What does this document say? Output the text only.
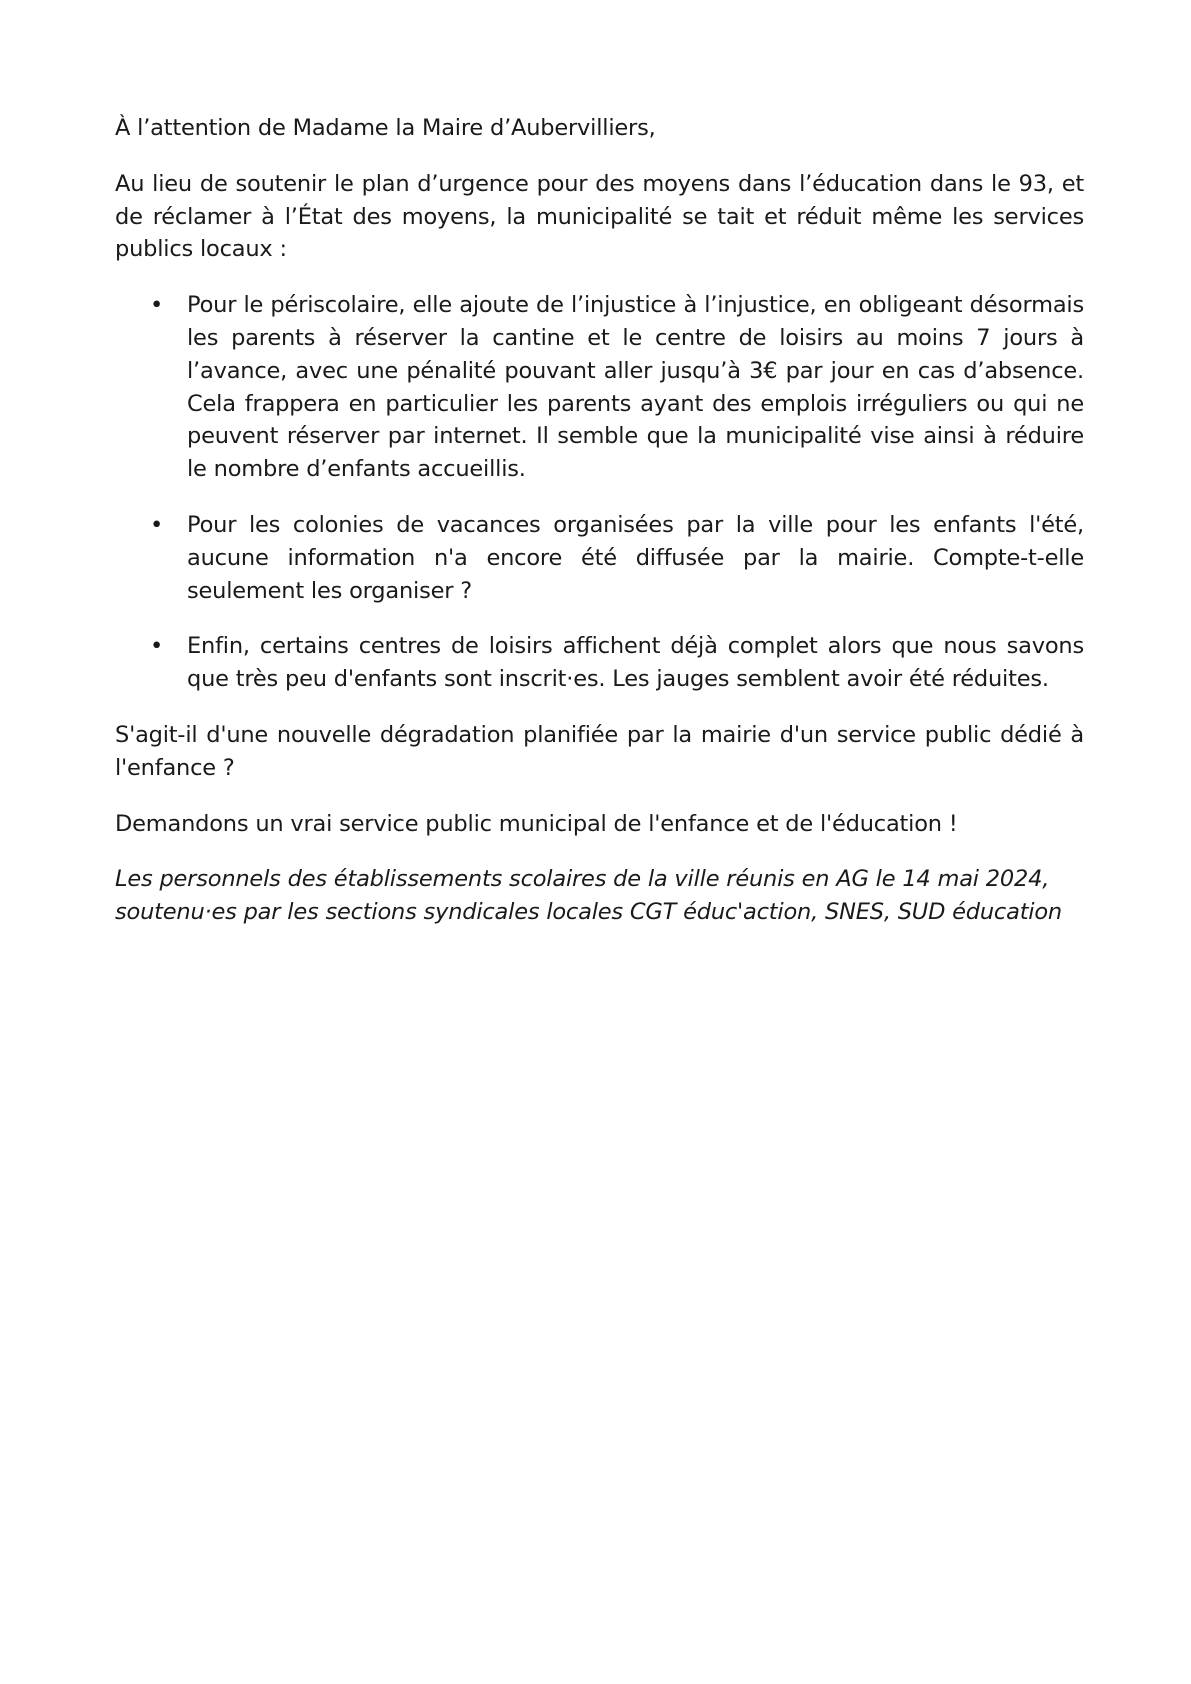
À l’attention de Madame la Maire d’Aubervilliers,

Au lieu de soutenir le plan d’urgence pour des moyens dans l’éducation dans le 93, et de réclamer à l’État des moyens, la municipalité se tait et réduit même les services publics locaux :

• Pour le périscolaire, elle ajoute de l’injustice à l’injustice, en obligeant désormais les parents à réserver la cantine et le centre de loisirs au moins 7 jours à l’avance, avec une pénalité pouvant aller jusqu’à 3€ par jour en cas d’absence. Cela frappera en particulier les parents ayant des emplois irréguliers ou qui ne peuvent réserver par internet. Il semble que la municipalité vise ainsi à réduire le nombre d’enfants accueillis.
• Pour les colonies de vacances organisées par la ville pour les enfants l'été, aucune information n'a encore été diffusée par la mairie. Compte-t-elle seulement les organiser ?
• Enfin, certains centres de loisirs affichent déjà complet alors que nous savons que très peu d'enfants sont inscrit·es. Les jauges semblent avoir été réduites.

S'agit-il d'une nouvelle dégradation planifiée par la mairie d'un service public dédié à l'enfance ?

Demandons un vrai service public municipal de l'enfance et de l'éducation !

Les personnels des établissements scolaires de la ville réunis en AG le 14 mai 2024,
soutenu·es par les sections syndicales locales CGT éduc'action, SNES, SUD éducation
